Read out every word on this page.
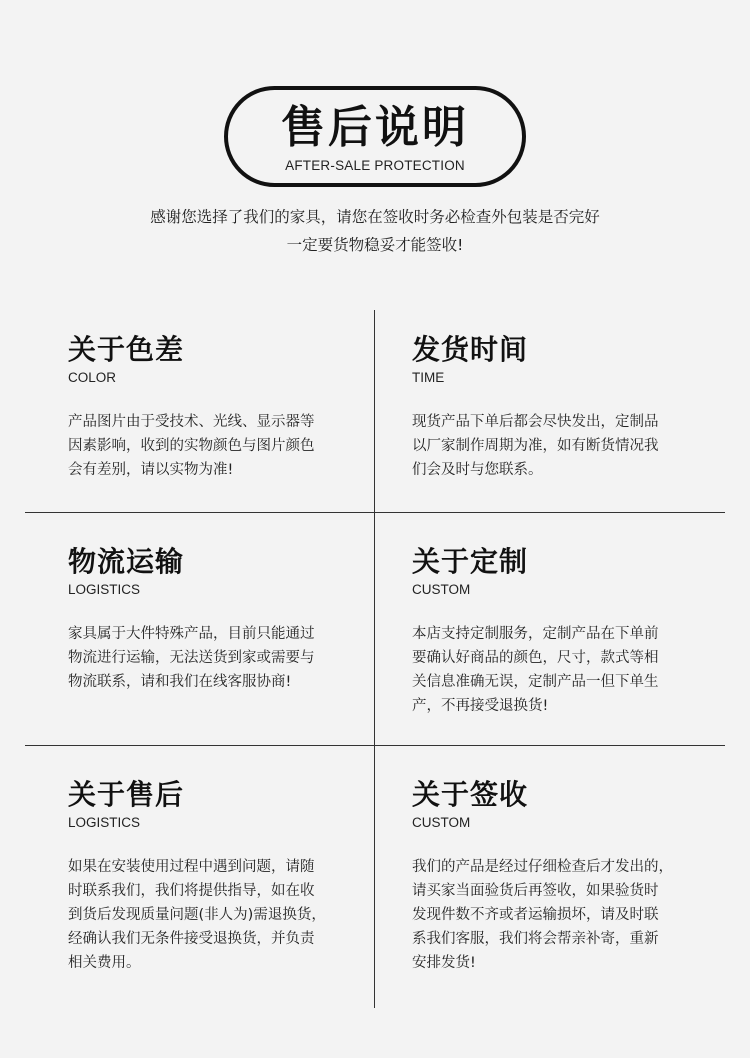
售后说明
AFTER-SALE PROTECTION
感谢您选择了我们的家具，请您在签收时务必检查外包装是否完好
一定要货物稳妥才能签收!
关于色差
COLOR
产品图片由于受技术、光线、显示器等
因素影响，收到的实物颜色与图片颜色
会有差别，请以实物为准!
发货时间
TIME
现货产品下单后都会尽快发出，定制品
以厂家制作周期为准，如有断货情况我
们会及时与您联系。
物流运输
LOGISTICS
家具属于大件特殊产品，目前只能通过
物流进行运输，无法送货到家或需要与
物流联系，请和我们在线客服协商!
关于定制
CUSTOM
本店支持定制服务，定制产品在下单前
要确认好商品的颜色，尺寸，款式等相
关信息准确无误，定制产品一但下单生
产，不再接受退换货!
关于售后
LOGISTICS
如果在安装使用过程中遇到问题，请随
时联系我们，我们将提供指导，如在收
到货后发现质量问题(非人为)需退换货，
经确认我们无条件接受退换货，并负责
相关费用。
关于签收
CUSTOM
我们的产品是经过仔细检查后才发出的，
请买家当面验货后再签收，如果验货时
发现件数不齐或者运输损坏，请及时联
系我们客服，我们将会帮亲补寄，重新
安排发货!
